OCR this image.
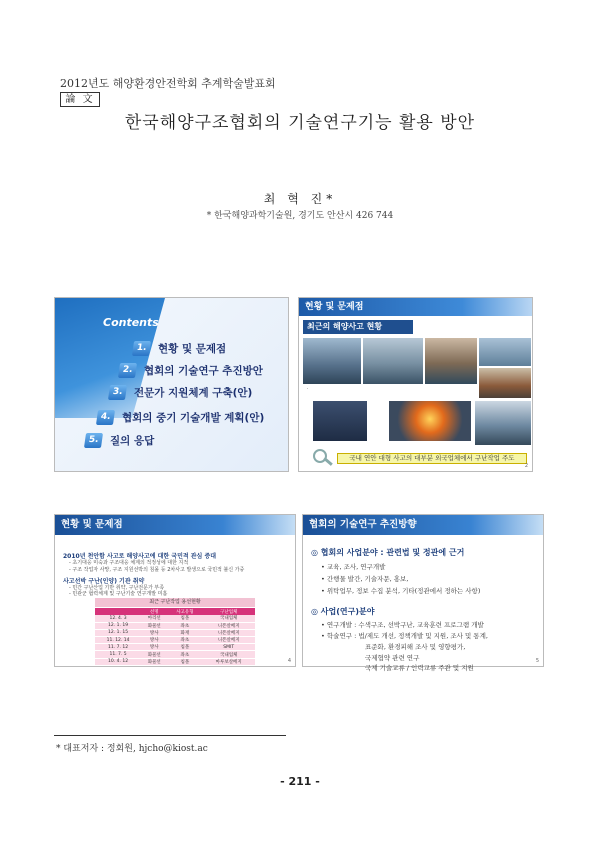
2012년도 해양환경안전학회 추계학술발표회
論 文
한국해양구조협회의 기술연구기능 활용 방안
최 혁 진*
* 한국해양과학기술원, 경기도 안산시 426 744
Contents
1.	현황 및 문제점
2.	협회의 기술연구 추진방안
3.	전문가 지원체계 구축(안)
4.	협회의 중기 기술개발 계획(안)
5.	질의 응답
현황 및 문제점
최근의 해양사고 현황
·
국내 연안 대형 사고의 대부분 외국업체에서 구난작업 주도
2
현황 및 문제점
2010년 천안함 사고로 해양사고에 대한 국민적 관심 증대
- 초기대응 미숙과 구조대응 체계의 적정성에 대한 지적
- 구조 작업자 사망, 구조 지원선박의 침몰 등 2차사고 발생으로 국민적 불신 가중
사고선박 구난(인양) 기관 취약
- 민간 구난산업 기반 취약, 구난전문가 부족
- 민관군 협력체계 및 구난기술 연구개발 미흡
최근 구난작업 용선현황
	선명	사고유형	구난업체
12. 4. 3	마리선	침몰	국내업체
12. 1. 19	화물선	좌초	니폰살베지
12. 1. 15	방사	화재	니폰살베지
11. 12. 14	방사	좌초	니폰살베지
11. 7. 12	방사	침몰	SMIT
11. 7. 5	화물선	좌초	국내업체
10. 4. 12	화물선	침몰	마루보살베지	4
협회의 기술연구 추진방향
◎ 협회의 사업분야 : 관련법 및 정관에 근거
• 교육, 조사, 연구개발
• 간행물 발간, 기술자문, 홍보,
• 위탁업무, 정보 수집 분석, 기타(정관에서 정하는 사항)
◎ 사업(연구)분야
• 연구개발 : 수색구조, 선박구난, 교육훈련 프로그램 개발
• 학술연구 : 법/제도 개선, 정책개발 및 지원, 조사 및 통계,
표준화, 환경피해 조사 및 영향평가,
국제협약 관련 연구
국제 기술교류 / 인력교류 주관 및 지원
5
* 대표저자 : 정회원, hjcho@kiost.ac
- 211 -
